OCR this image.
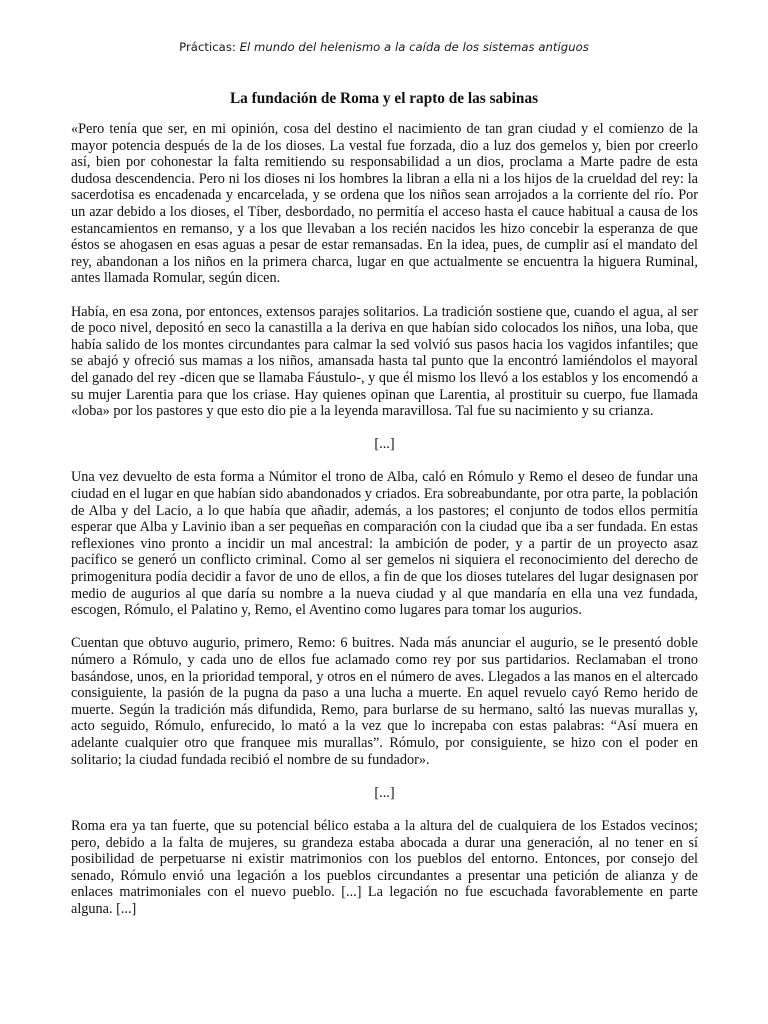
Prácticas: El mundo del helenismo a la caída de los sistemas antiguos
La fundación de Roma y el rapto de las sabinas

«Pero tenía que ser, en mi opinión, cosa del destino el nacimiento de tan gran ciudad y el comienzo de la mayor potencia después de la de los dioses. La vestal fue forzada, dio a luz dos gemelos y, bien por creerlo así, bien por cohonestar la falta remitiendo su responsabilidad a un dios, proclama a Marte padre de esta dudosa descendencia. Pero ni los dioses ni los hombres la libran a ella ni a los hijos de la crueldad del rey: la sacerdotisa es encadenada y encarcelada, y se ordena que los niños sean arrojados a la corriente del río. Por un azar debido a los dioses, el Tíber, desbordado, no permitía el acceso hasta el cauce habitual a causa de los estancamientos en remanso, y a los que llevaban a los recién nacidos les hizo concebir la esperanza de que éstos se ahogasen en esas aguas a pesar de estar remansadas. En la idea, pues, de cumplir así el mandato del rey, abandonan a los niños en la primera charca, lugar en que actualmente se encuentra la higuera Ruminal, antes llamada Romular, según dicen.

Había, en esa zona, por entonces, extensos parajes solitarios. La tradición sostiene que, cuando el agua, al ser de poco nivel, depositó en seco la canastilla a la deriva en que habían sido colocados los niños, una loba, que había salido de los montes circundantes para calmar la sed volvió sus pasos hacia los vagidos infantiles; que se abajó y ofreció sus mamas a los niños, amansada hasta tal punto que la encontró lamiéndolos el mayoral del ganado del rey -dicen que se llamaba Fáustulo-, y que él mismo los llevó a los establos y los encomendó a su mujer Larentia para que los criase. Hay quienes opinan que Larentia, al prostituir su cuerpo, fue llamada «loba» por los pastores y que esto dio pie a la leyenda maravillosa. Tal fue su nacimiento y su crianza.

[...]

Una vez devuelto de esta forma a Númitor el trono de Alba, caló en Rómulo y Remo el deseo de fundar una ciudad en el lugar en que habían sido abandonados y criados. Era sobreabundante, por otra parte, la población de Alba y del Lacio, a lo que había que añadir, además, a los pastores; el conjunto de todos ellos permitía esperar que Alba y Lavinio iban a ser pequeñas en comparación con la ciudad que iba a ser fundada. En estas reflexiones vino pronto a incidir un mal ancestral: la ambición de poder, y a partir de un proyecto asaz pacífico se generó un conflicto criminal. Como al ser gemelos ni siquiera el reconocimiento del derecho de primogenitura podía decidir a favor de uno de ellos, a fin de que los dioses tutelares del lugar designasen por medio de augurios al que daría su nombre a la nueva ciudad y al que mandaría en ella una vez fundada, escogen, Rómulo, el Palatino y, Remo, el Aventino como lugares para tomar los augurios.

Cuentan que obtuvo augurio, primero, Remo: 6 buitres. Nada más anunciar el augurio, se le presentó doble número a Rómulo, y cada uno de ellos fue aclamado como rey por sus partidarios. Reclamaban el trono basándose, unos, en la prioridad temporal, y otros en el número de aves. Llegados a las manos en el altercado consiguiente, la pasión de la pugna da paso a una lucha a muerte. En aquel revuelo cayó Remo herido de muerte. Según la tradición más difundida, Remo, para burlarse de su hermano, saltó las nuevas murallas y, acto seguido, Rómulo, enfurecido, lo mató a la vez que lo increpaba con estas palabras: “Así muera en adelante cualquier otro que franquee mis murallas”. Rómulo, por consiguiente, se hizo con el poder en solitario; la ciudad fundada recibió el nombre de su fundador».

[...]

Roma era ya tan fuerte, que su potencial bélico estaba a la altura del de cualquiera de los Estados vecinos; pero, debido a la falta de mujeres, su grandeza estaba abocada a durar una generación, al no tener en sí posibilidad de perpetuarse ni existir matrimonios con los pueblos del entorno. Entonces, por consejo del senado, Rómulo envió una legación a los pueblos circundantes a presentar una petición de alianza y de enlaces matrimoniales con el nuevo pueblo. [...] La legación no fue escuchada favorablemente en parte alguna. [...]
